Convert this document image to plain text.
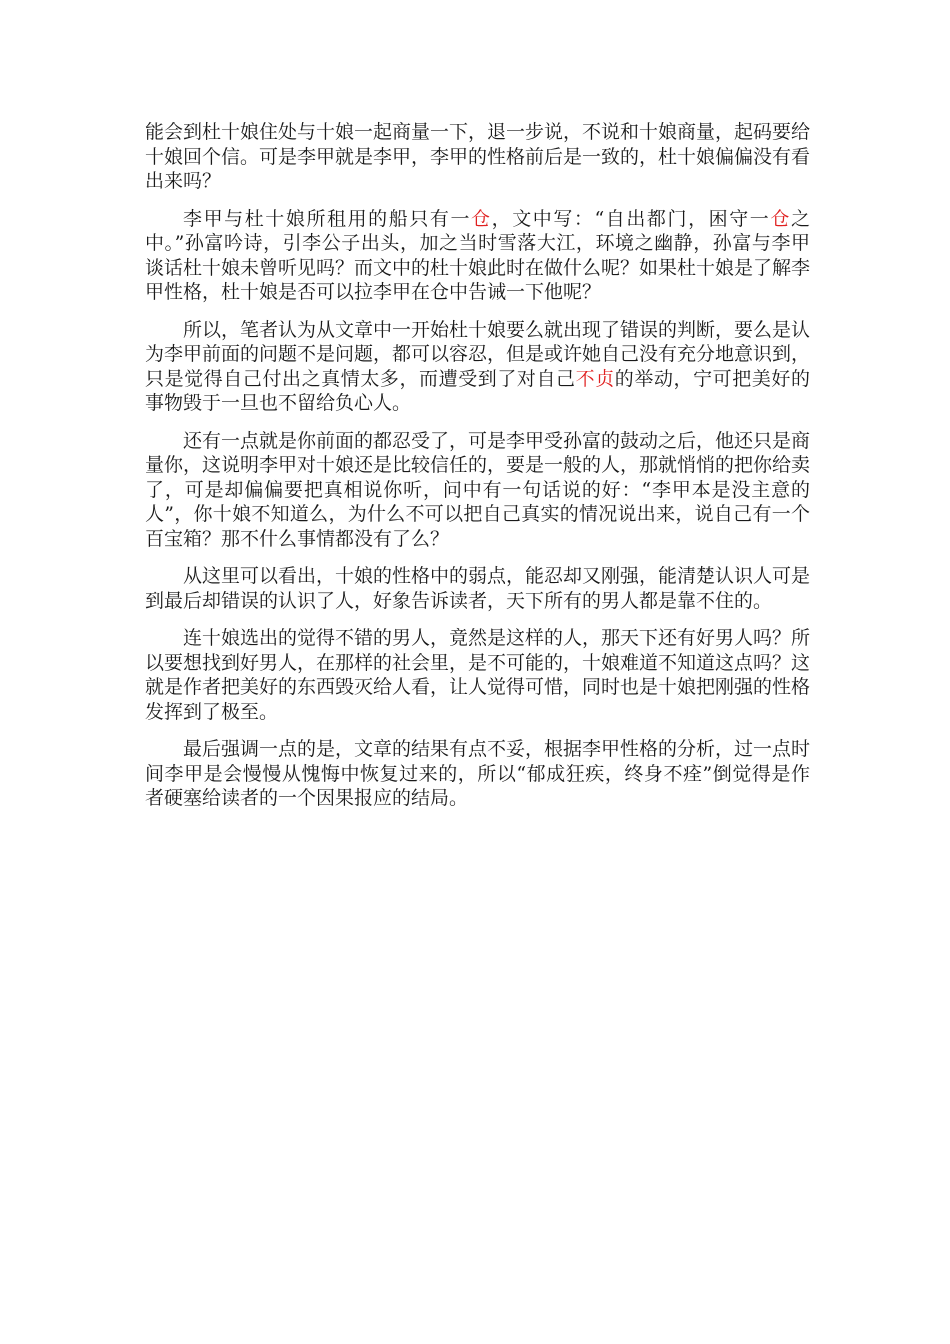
能会到杜十娘住处与十娘一起商量一下，退一步说，不说和十娘商量，起码要给十娘回个信。可是李甲就是李甲，李甲的性格前后是一致的，杜十娘偏偏没有看出来吗？

李甲与杜十娘所租用的船只有一仓，文中写：“自出都门，困守一仓之中。”孙富吟诗，引李公子出头，加之当时雪落大江，环境之幽静，孙富与李甲谈话杜十娘未曾听见吗？而文中的杜十娘此时在做什么呢？如果杜十娘是了解李甲性格，杜十娘是否可以拉李甲在仓中告诫一下他呢？

所以，笔者认为从文章中一开始杜十娘要么就出现了错误的判断，要么是认为李甲前面的问题不是问题，都可以容忍，但是或许她自己没有充分地意识到，只是觉得自己付出之真情太多，而遭受到了对自己不贞的举动，宁可把美好的事物毁于一旦也不留给负心人。

还有一点就是你前面的都忍受了，可是李甲受孙富的鼓动之后，他还只是商量你，这说明李甲对十娘还是比较信任的，要是一般的人，那就悄悄的把你给卖了，可是却偏偏要把真相说你听，问中有一句话说的好：“李甲本是没主意的人”，你十娘不知道么，为什么不可以把自己真实的情况说出来，说自己有一个百宝箱？那不什么事情都没有了么？

从这里可以看出，十娘的性格中的弱点，能忍却又刚强，能清楚认识人可是到最后却错误的认识了人，好象告诉读者，天下所有的男人都是靠不住的。

连十娘选出的觉得不错的男人，竟然是这样的人，那天下还有好男人吗？所以要想找到好男人，在那样的社会里，是不可能的，十娘难道不知道这点吗？这就是作者把美好的东西毁灭给人看，让人觉得可惜，同时也是十娘把刚强的性格发挥到了极至。

最后强调一点的是，文章的结果有点不妥，根据李甲性格的分析，过一点时间李甲是会慢慢从愧悔中恢复过来的，所以“郁成狂疾，终身不痊”倒觉得是作者硬塞给读者的一个因果报应的结局。
